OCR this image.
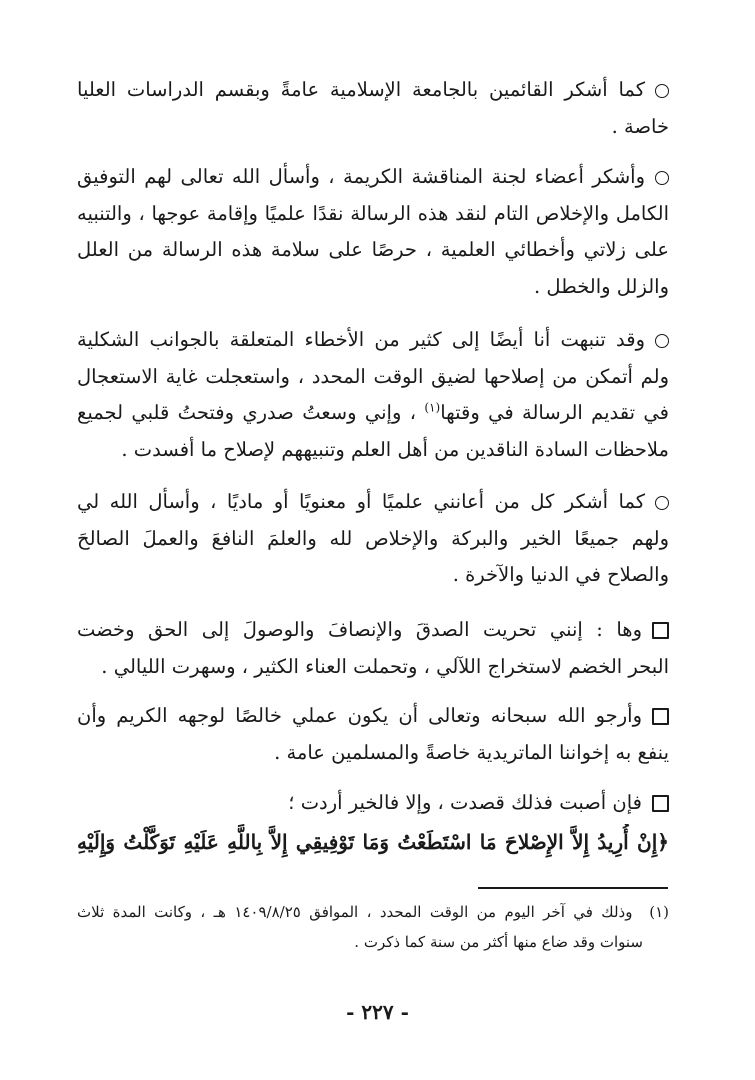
كما أشكر القائمين بالجامعة الإسلامية عامةً وبقسم الدراسات العليا
خاصة .
وأشكر أعضاء لجنة المناقشة الكريمة ، وأسأل الله تعالى لهم التوفيق
الكامل والإخلاص التام لنقد هذه الرسالة نقدًا علميًا وإقامة عوجها ، والتنبيه
على زلاتي وأخطائي العلمية ، حرصًا على سلامة هذه الرسالة من العلل
والزلل والخطل .
وقد تنبهت أنا أيضًا إلى كثير من الأخطاء المتعلقة بالجوانب الشكلية
ولم أتمكن من إصلاحها لضيق الوقت المحدد ، واستعجلت غاية الاستعجال
في تقديم الرسالة في وقتها$^{(١)}$ ، وإني وسعتُ صدري وفتحتُ قلبي لجميع
ملاحظات السادة الناقدين من أهل العلم وتنبيههم لإصلاح ما أفسدت .
كما أشكر كل من أعانني علميًا أو معنويًا أو ماديًا ، وأسأل الله لي
ولهم جميعًا الخير والبركة والإخلاص لله والعلمَ النافعَ والعملَ الصالحَ
والصلاح في الدنيا والآخرة .
وها : إنني تحريت الصدقَ والإنصافَ والوصولَ إلى الحق وخضت
البحر الخضم لاستخراج اللآلي ، وتحملت العناء الكثير ، وسهرت الليالي .
وأرجو الله سبحانه وتعالى أن يكون عملي خالصًا لوجهه الكريم وأن
ينفع به إخواننا الماتريدية خاصةً والمسلمين عامة .
فإن أصبت فذلك قصدت ، وإلا فالخير أردت ؛
﴿إِنْ أُرِيدُ إِلاَّ الإِصْلاحَ مَا اسْتَطَعْتُ وَمَا تَوْفِيقِي إِلاَّ بِاللَّهِ عَلَيْهِ تَوَكَّلْتُ وَإِلَيْهِ
(١)  وذلك في آخر اليوم من الوقت المحدد ، الموافق ١٤٠٩/٨/٢٥ هـ ، وكانت المدة ثلاث
سنوات وقد ضاع منها أكثر من سنة كما ذكرت .
- ٢٢٧ -
